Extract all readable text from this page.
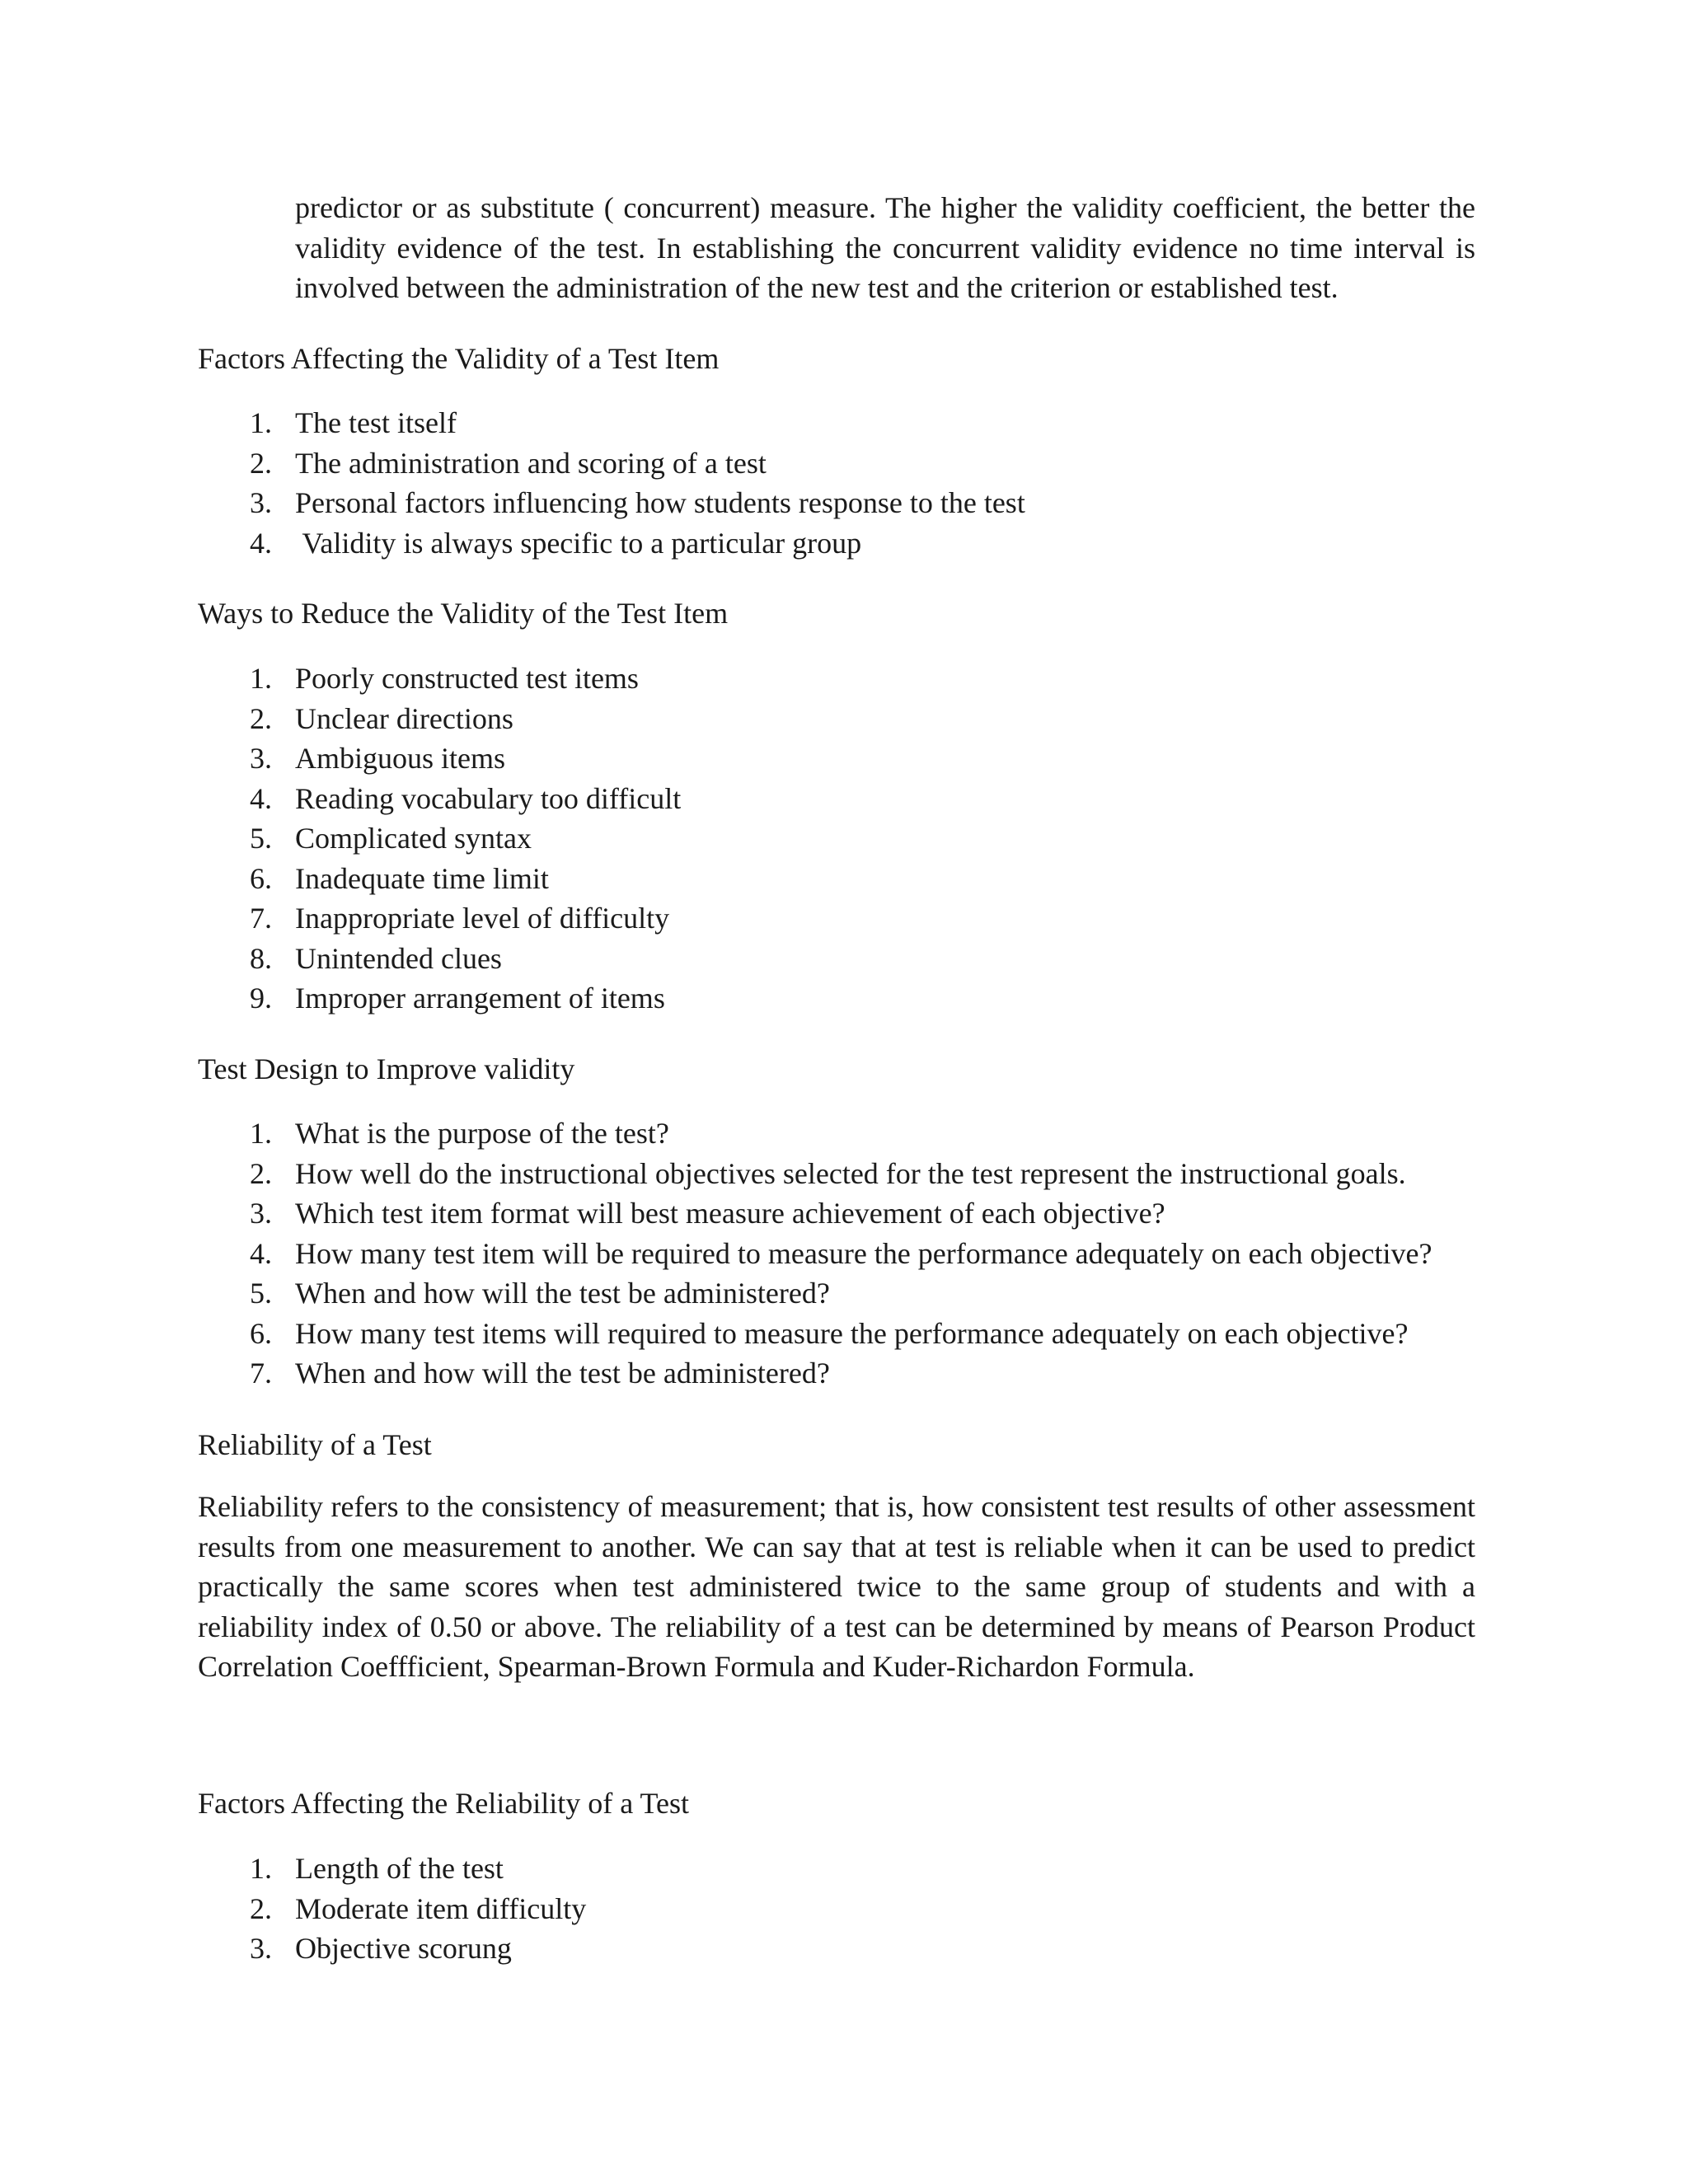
predictor or as substitute ( concurrent) measure. The higher the validity coefficient, the better the validity evidence of the test. In establishing the concurrent validity evidence no time interval is involved between the administration of the new test and the criterion or established test.

Factors Affecting the Validity of a Test Item
1. The test itself
2. The administration and scoring of a test
3. Personal factors influencing how students response to the test
4. Validity is always specific to a particular group
Ways to Reduce the Validity of the Test Item
1. Poorly constructed test items
2. Unclear directions
3. Ambiguous items
4. Reading vocabulary too difficult
5. Complicated syntax
6. Inadequate time limit
7. Inappropriate level of difficulty
8. Unintended clues
9. Improper arrangement of items
Test Design to Improve validity
1. What is the purpose of the test?
2. How well do the instructional objectives selected for the test represent the instructional goals.
3. Which test item format will best measure achievement of each objective?
4. How many test item will be required to measure the performance adequately on each objective?
5. When and how will the test be administered?
6. How many test items will required to measure the performance adequately on each objective?
7. When and how will the test be administered?
Reliability of a Test

Reliability refers to the consistency of measurement; that is, how consistent test results of other assessment results from one measurement to another. We can say that at test is reliable when it can be used to predict practically the same scores when test administered twice to the same group of students and with a reliability index of 0.50 or above. The reliability of a test can be determined by means of Pearson Product Correlation Coeffficient, Spearman-Brown Formula and Kuder-Richardon Formula.

Factors Affecting the Reliability of a Test
1. Length of the test
2. Moderate item difficulty
3. Objective scorung
